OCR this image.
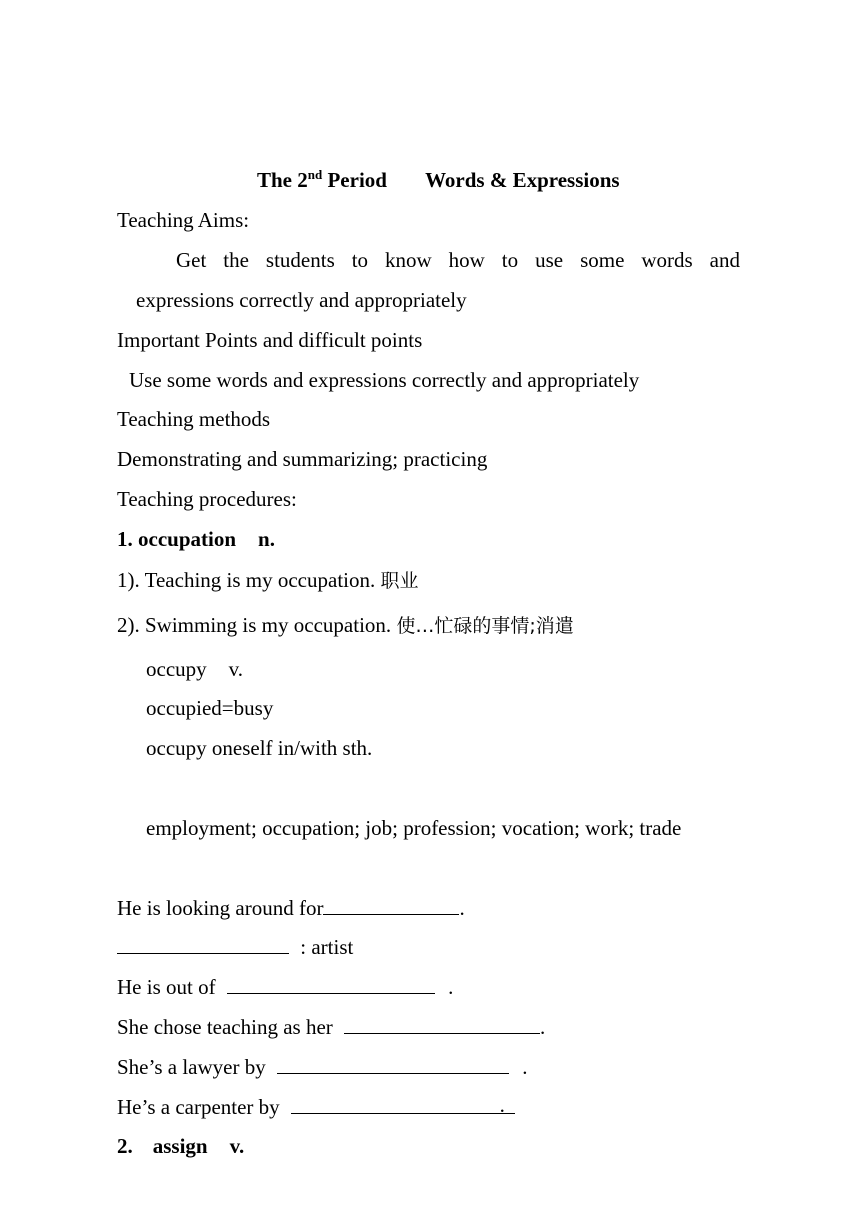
The 2nd Period Words & Expressions
Teaching Aims:
Get the students to know how to use some words and
expressions correctly and appropriately
Important Points and difficult points
Use some words and expressions correctly and appropriately
Teaching methods
Demonstrating and summarizing; practicing
Teaching procedures:
1. occupation n.
1). Teaching is my occupation. 职业
2). Swimming is my occupation. 使…忙碌的事情;消遣
occupy v.
occupied=busy
occupy oneself in/with sth.
employment; occupation; job; profession; vocation; work; trade
He is looking around for	.
: artist
He is out of	.
She chose teaching as her	.
She’s a lawyer by	.
He’s a carpenter by	.
2. assign v.
